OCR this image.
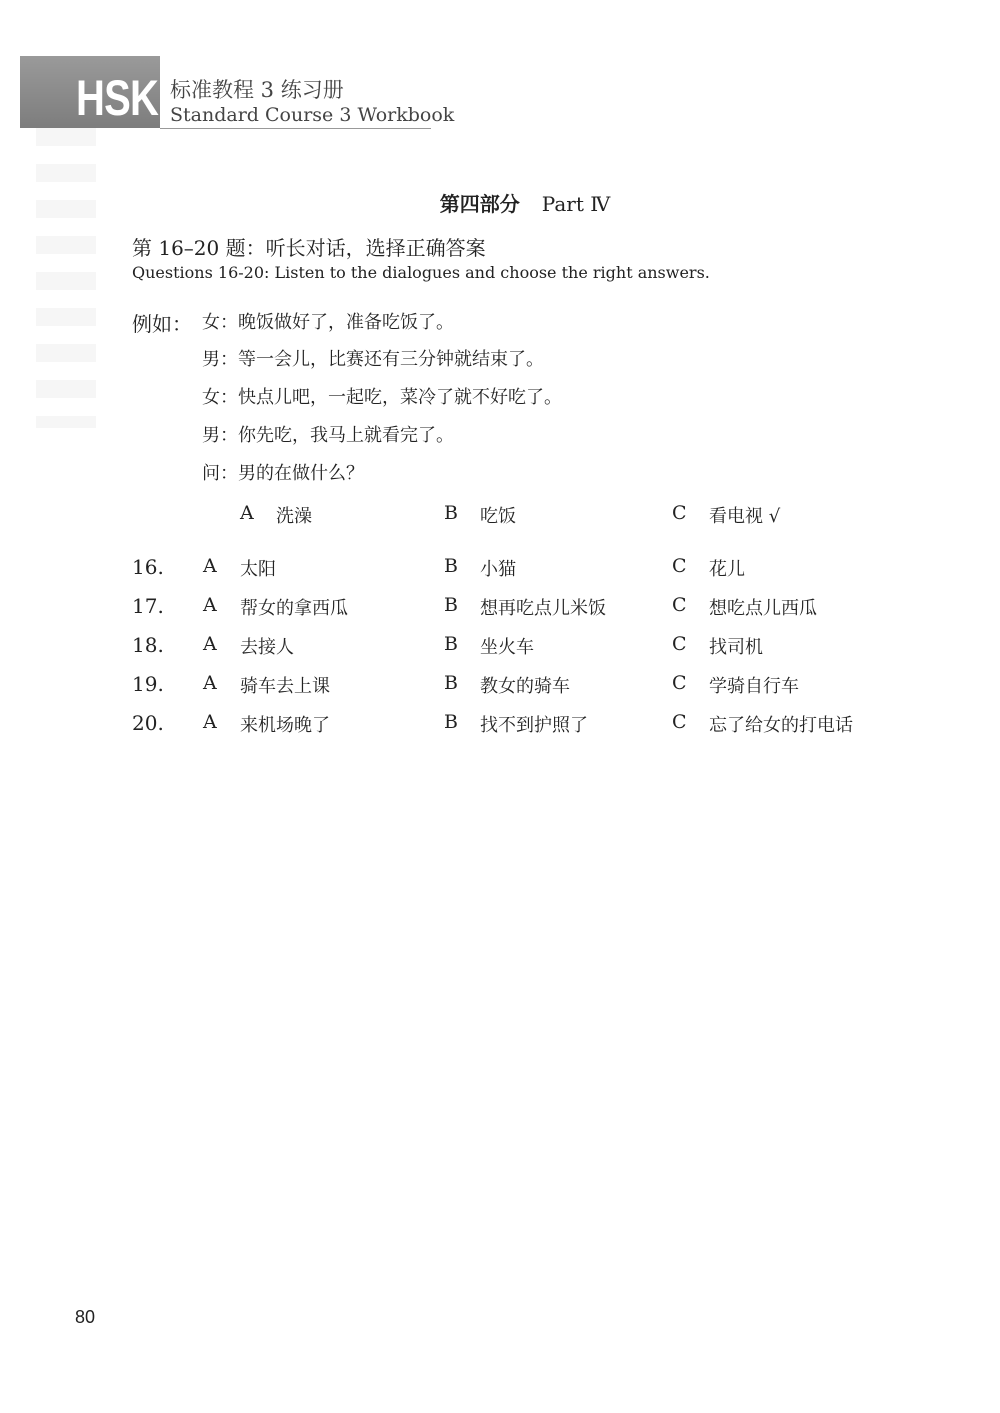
HSK 标准教程 3 练习册
Standard Course 3 Workbook
第四部分 Part Ⅳ
第 16–20 题：听长对话，选择正确答案
Questions 16-20: Listen to the dialogues and choose the right answers.
例如： 女：晚饭做好了，准备吃饭了。
男：等一会儿，比赛还有三分钟就结束了。
女：快点儿吧，一起吃，菜冷了就不好吃了。
男：你先吃，我马上就看完了。
问：男的在做什么？
A 洗澡	B 吃饭	C 看电视 √
16. A 太阳	B 小猫	C 花儿
17. A 帮女的拿西瓜	B 想再吃点儿米饭	C 想吃点儿西瓜
18. A 去接人	B 坐火车	C 找司机
19. A 骑车去上课	B 教女的骑车	C 学骑自行车
20. A 来机场晚了	B 找不到护照了	C 忘了给女的打电话
80
